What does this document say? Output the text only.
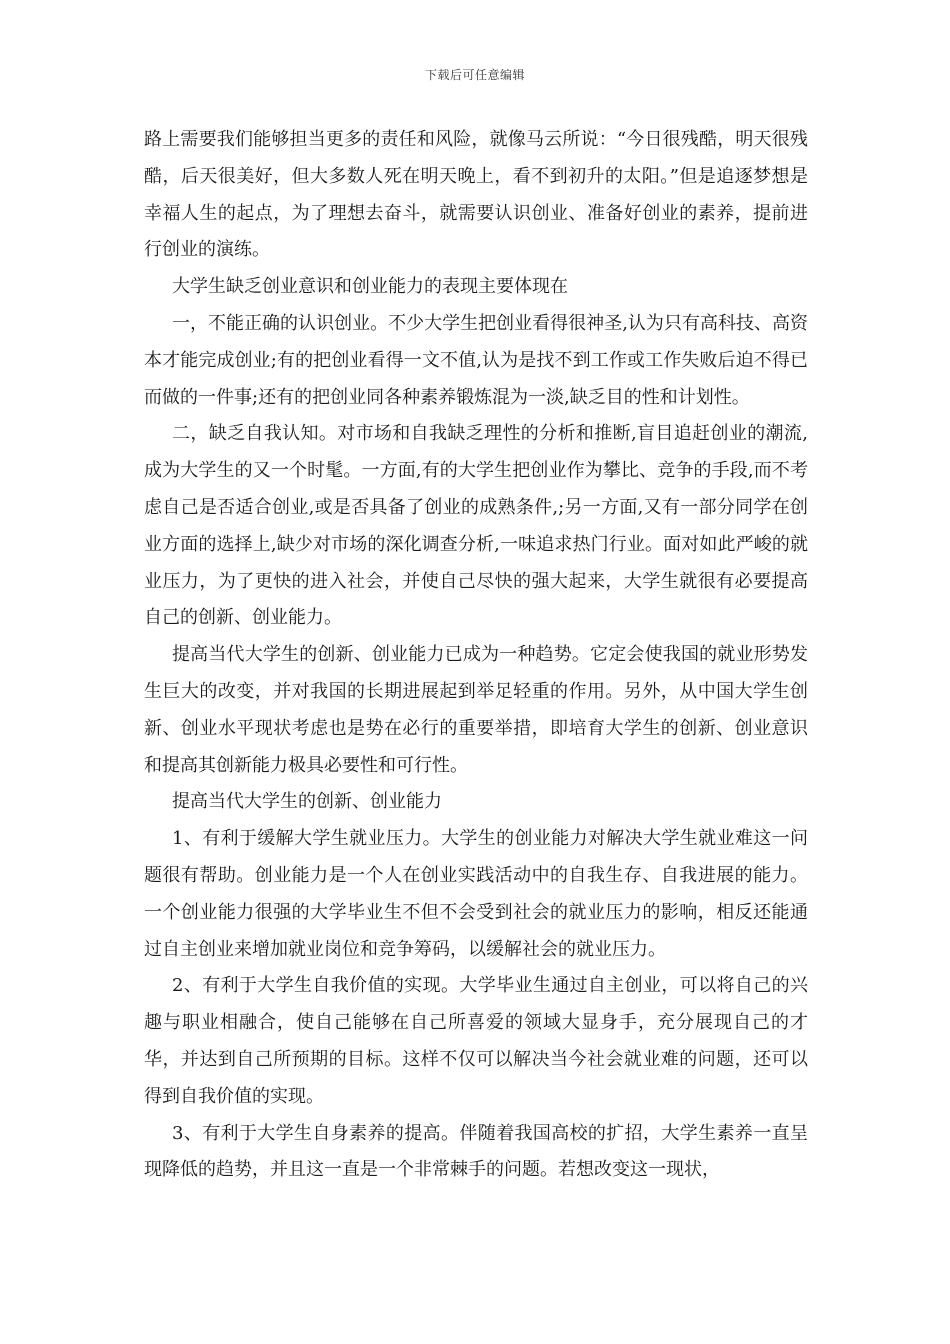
下载后可任意编辑

路上需要我们能够担当更多的责任和风险，就像马云所说：“今日很残酷，明天很残酷，后天很美好，但大多数人死在明天晚上，看不到初升的太阳。”但是追逐梦想是幸福人生的起点，为了理想去奋斗，就需要认识创业、准备好创业的素养，提前进行创业的演练。

大学生缺乏创业意识和创业能力的表现主要体现在

一，不能正确的认识创业。不少大学生把创业看得很神圣,认为只有高科技、高资本才能完成创业;有的把创业看得一文不值,认为是找不到工作或工作失败后迫不得已而做的一件事;还有的把创业同各种素养锻炼混为一淡,缺乏目的性和计划性。

二，缺乏自我认知。对市场和自我缺乏理性的分析和推断,盲目追赶创业的潮流,成为大学生的又一个时髦。一方面,有的大学生把创业作为攀比、竞争的手段,而不考虑自己是否适合创业,或是否具备了创业的成熟条件,;另一方面,又有一部分同学在创业方面的选择上,缺少对市场的深化调查分析,一味追求热门行业。面对如此严峻的就业压力，为了更快的进入社会，并使自己尽快的强大起来，大学生就很有必要提高自己的创新、创业能力。

提高当代大学生的创新、创业能力已成为一种趋势。它定会使我国的就业形势发生巨大的改变，并对我国的长期进展起到举足轻重的作用。另外，从中国大学生创新、创业水平现状考虑也是势在必行的重要举措，即培育大学生的创新、创业意识和提高其创新能力极具必要性和可行性。

提高当代大学生的创新、创业能力

1、有利于缓解大学生就业压力。大学生的创业能力对解决大学生就业难这一问题很有帮助。创业能力是一个人在创业实践活动中的自我生存、自我进展的能力。一个创业能力很强的大学毕业生不但不会受到社会的就业压力的影响，相反还能通过自主创业来增加就业岗位和竞争筹码，以缓解社会的就业压力。

2、有利于大学生自我价值的实现。大学毕业生通过自主创业，可以将自己的兴趣与职业相融合，使自己能够在自己所喜爱的领域大显身手，充分展现自己的才华，并达到自己所预期的目标。这样不仅可以解决当今社会就业难的问题，还可以得到自我价值的实现。

3、有利于大学生自身素养的提高。伴随着我国高校的扩招，大学生素养一直呈现降低的趋势，并且这一直是一个非常棘手的问题。若想改变这一现状，
